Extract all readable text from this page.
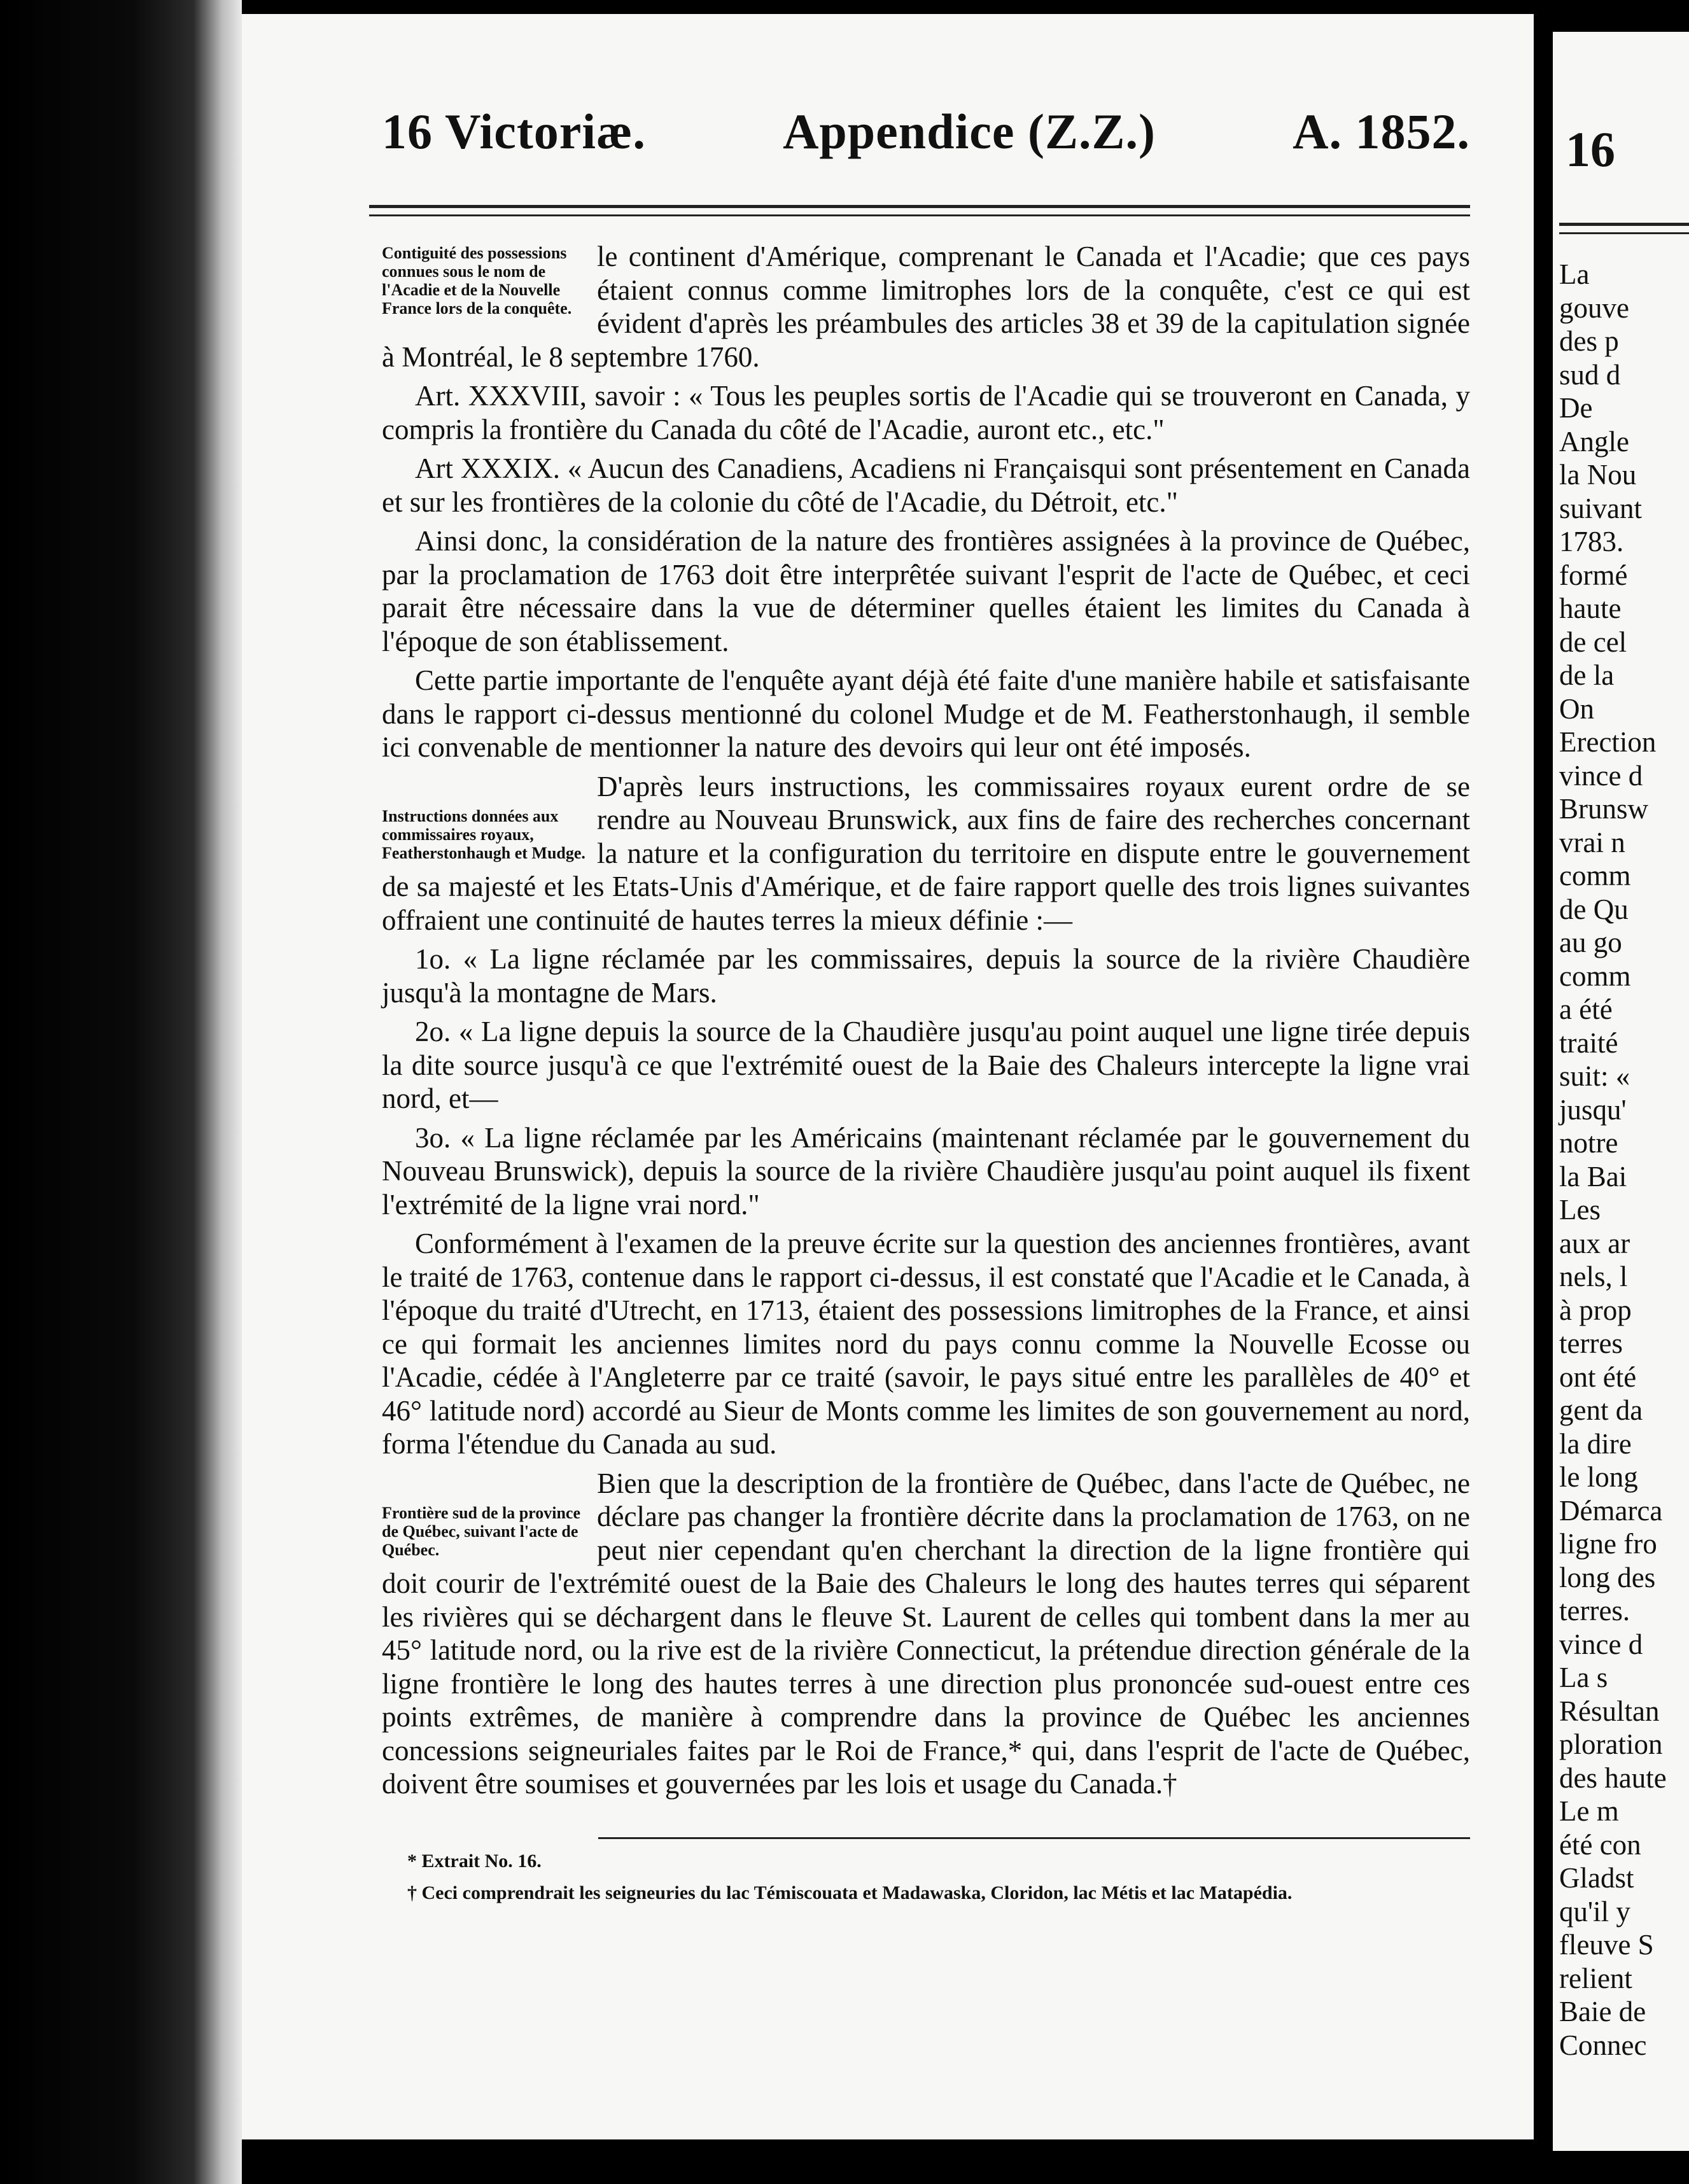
16 Victoriæ.	Appendice (Z.Z.)	A. 1852.

Contiguité des possessions connues sous le nom de l'Acadie et de la Nouvelle France lors de la conquête.
le continent d'Amérique, comprenant le Canada et l'Acadie; que ces pays étaient connus comme limitrophes lors de la conquête, c'est ce qui est évident d'après les préambules des articles 38 et 39 de la capitulation signée à Montréal, le 8 septembre 1760.

Art. XXXVIII, savoir : « Tous les peuples sortis de l'Acadie qui se trouveront en Canada, y compris la frontière du Canada du côté de l'Acadie, auront etc., etc."

Art XXXIX. « Aucun des Canadiens, Acadiens ni Françaisqui sont présentement en Canada et sur les frontières de la colonie du côté de l'Acadie, du Détroit, etc."

Ainsi donc, la considération de la nature des frontières assignées à la province de Québec, par la proclamation de 1763 doit être interprêtée suivant l'esprit de l'acte de Québec, et ceci parait être nécessaire dans la vue de déterminer quelles étaient les limites du Canada à l'époque de son établissement.

Cette partie importante de l'enquête ayant déjà été faite d'une manière habile et satisfaisante dans le rapport ci-dessus mentionné du colonel Mudge et de M. Featherstonhaugh, il semble ici convenable de mentionner la nature des devoirs qui leur ont été imposés.

Instructions données aux commissaires royaux, Featherstonhaugh et Mudge.
D'après leurs instructions, les commissaires royaux eurent ordre de se rendre au Nouveau Brunswick, aux fins de faire des recherches concernant la nature et la configuration du territoire en dispute entre le gouvernement de sa majesté et les Etats-Unis d'Amérique, et de faire rapport quelle des trois lignes suivantes offraient une continuité de hautes terres la mieux définie :—

1o. « La ligne réclamée par les commissaires, depuis la source de la rivière Chaudière jusqu'à la montagne de Mars.

2o. « La ligne depuis la source de la Chaudière jusqu'au point auquel une ligne tirée depuis la dite source jusqu'à ce que l'extrémité ouest de la Baie des Chaleurs intercepte la ligne vrai nord, et—

3o. « La ligne réclamée par les Américains (maintenant réclamée par le gouvernement du Nouveau Brunswick), depuis la source de la rivière Chaudière jusqu'au point auquel ils fixent l'extrémité de la ligne vrai nord."

Conformément à l'examen de la preuve écrite sur la question des anciennes frontières, avant le traité de 1763, contenue dans le rapport ci-dessus, il est constaté que l'Acadie et le Canada, à l'époque du traité d'Utrecht, en 1713, étaient des possessions limitrophes de la France, et ainsi ce qui formait les anciennes limites nord du pays connu comme la Nouvelle Ecosse ou l'Acadie, cédée à l'Angleterre par ce traité (savoir, le pays situé entre les parallèles de 40° et 46° latitude nord) accordé au Sieur de Monts comme les limites de son gouvernement au nord, forma l'étendue du Canada au sud.

Frontière sud de la province de Québec, suivant l'acte de Québec.
Bien que la description de la frontière de Québec, dans l'acte de Québec, ne déclare pas changer la frontière décrite dans la proclamation de 1763, on ne peut nier cependant qu'en cherchant la direction de la ligne frontière qui doit courir de l'extrémité ouest de la Baie des Chaleurs le long des hautes terres qui séparent les rivières qui se déchargent dans le fleuve St. Laurent de celles qui tombent dans la mer au 45° latitude nord, ou la rive est de la rivière Connecticut, la prétendue direction générale de la ligne frontière le long des hautes terres à une direction plus prononcée sud-ouest entre ces points extrêmes, de manière à comprendre dans la province de Québec les anciennes concessions seigneuriales faites par le Roi de France,* qui, dans l'esprit de l'acte de Québec, doivent être soumises et gouvernées par les lois et usage du Canada.†

* Extrait No. 16.

† Ceci comprendrait les seigneuries du lac Témiscouata et Madawaska, Cloridon, lac Métis et lac Matapédia.

16
La
gouve
des p
sud d
De
Angle
la Nou
suivant
1783.
formé
haute
de cel
de la
On
Erection
vince d
Brunsw
vrai n
comm
de Qu
au go
comm
a été
traité
suit: «
jusqu'
notre
la Bai
Les
aux ar
nels, l
à prop
terres
ont été
gent da
la dire
le long
Démarca
ligne fro
long des
terres.
vince d
La s
Résultan
ploration
des haute
Le m
été con
Gladst
qu'il y
fleuve S
relient
Baie de
Connec
